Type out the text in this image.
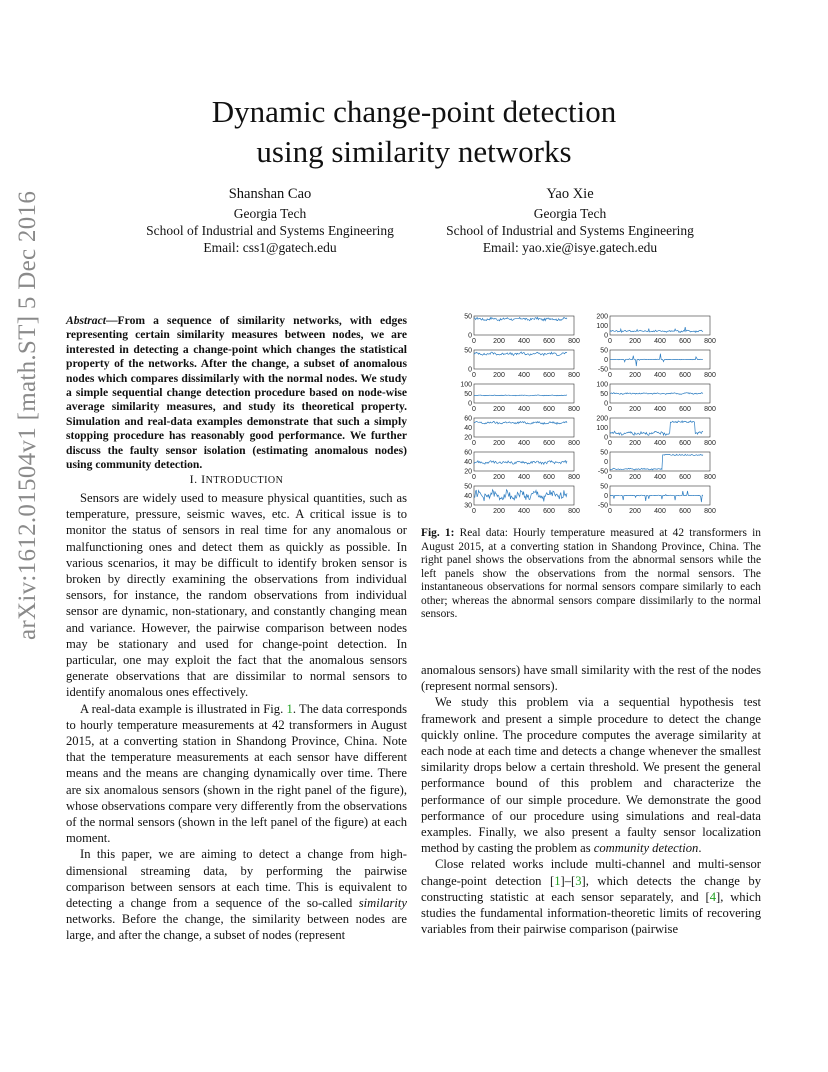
arXiv:1612.01504v1 [math.ST] 5 Dec 2016
Dynamic change-point detection
using similarity networks
Shanshan Cao
Georgia Tech
School of Industrial and Systems Engineering
Email: css1@gatech.edu
Yao Xie
Georgia Tech
School of Industrial and Systems Engineering
Email: yao.xie@isye.gatech.edu
Abstract—From a sequence of similarity networks, with edges representing certain similarity measures between nodes, we are interested in detecting a change-point which changes the statistical property of the networks. After the change, a subset of anomalous nodes which compares dissimilarly with the normal nodes. We study a simple sequential change detection procedure based on node-wise average similarity measures, and study its theoretical property. Simulation and real-data examples demonstrate that such a simply stopping procedure has reasonably good performance. We further discuss the faulty sensor isolation (estimating anomalous nodes) using community detection.
I. INTRODUCTION

Sensors are widely used to measure physical quantities, such as temperature, pressure, seismic waves, etc. A critical issue is to monitor the status of sensors in real time for any anomalous or malfunctioning ones and detect them as quickly as possible. In various scenarios, it may be difficult to identify broken sensor is broken by directly examining the observations from individual sensors, for instance, the random observations from individual sensor are dynamic, non-stationary, and constantly changing mean and variance. However, the pairwise comparison between nodes may be stationary and used for change-point detection. In particular, one may exploit the fact that the anomalous sensors generate observations that are dissimilar to normal sensors to identify anomalous ones effectively.

A real-data example is illustrated in Fig. 1. The data corresponds to hourly temperature measurements at 42 transformers in August 2015, at a converting station in Shandong Province, China. Note that the temperature measurements at each sensor have different means and the means are changing dynamically over time. There are six anomalous sensors (shown in the right panel of the figure), whose observations compare very differently from the observations of the normal sensors (shown in the left panel of the figure) at each moment.

In this paper, we are aiming to detect a change from high-dimensional streaming data, by performing the pairwise comparison between sensors at each time. This is equivalent to detecting a change from a sequence of the so-called similarity networks. Before the change, the similarity between nodes are large, and after the change, a subset of nodes (represent

50
0
0 200 400 600 800
50
0
0 200 400 600 800
100
50
0
0 200 400 600 800
60
40
20
0 200 400 600 800
60
40
20
0 200 400 600 800
50
40
30
0 200 400 600 800
200
100
0
0 200 400 600 800
50
0
-50
0 200 400 600 800
100
50
0
0 200 400 600 800
200
100
0
0 200 400 600 800
50
0
-50
0 200 400 600 800
50
0
-50
0 200 400 600 800
Fig. 1: Real data: Hourly temperature measured at 42 transformers in August 2015, at a converting station in Shandong Province, China. The right panel shows the observations from the abnormal sensors while the left panels show the observations from the normal sensors. The instantaneous observations for normal sensors compare similarly to each other; whereas the abnormal sensors compare dissimilarly to the normal sensors.

anomalous sensors) have small similarity with the rest of the nodes (represent normal sensors).

We study this problem via a sequential hypothesis test framework and present a simple procedure to detect the change quickly online. The procedure computes the average similarity at each node at each time and detects a change whenever the smallest similarity drops below a certain threshold. We present the general performance bound of this problem and characterize the performance of our simple procedure. We demonstrate the good performance of our procedure using simulations and real-data examples. Finally, we also present a faulty sensor localization method by casting the problem as community detection.

Close related works include multi-channel and multi-sensor change-point detection [1]–[3], which detects the change by constructing statistic at each sensor separately, and [4], which studies the fundamental information-theoretic limits of recovering variables from their pairwise comparison (pairwise
